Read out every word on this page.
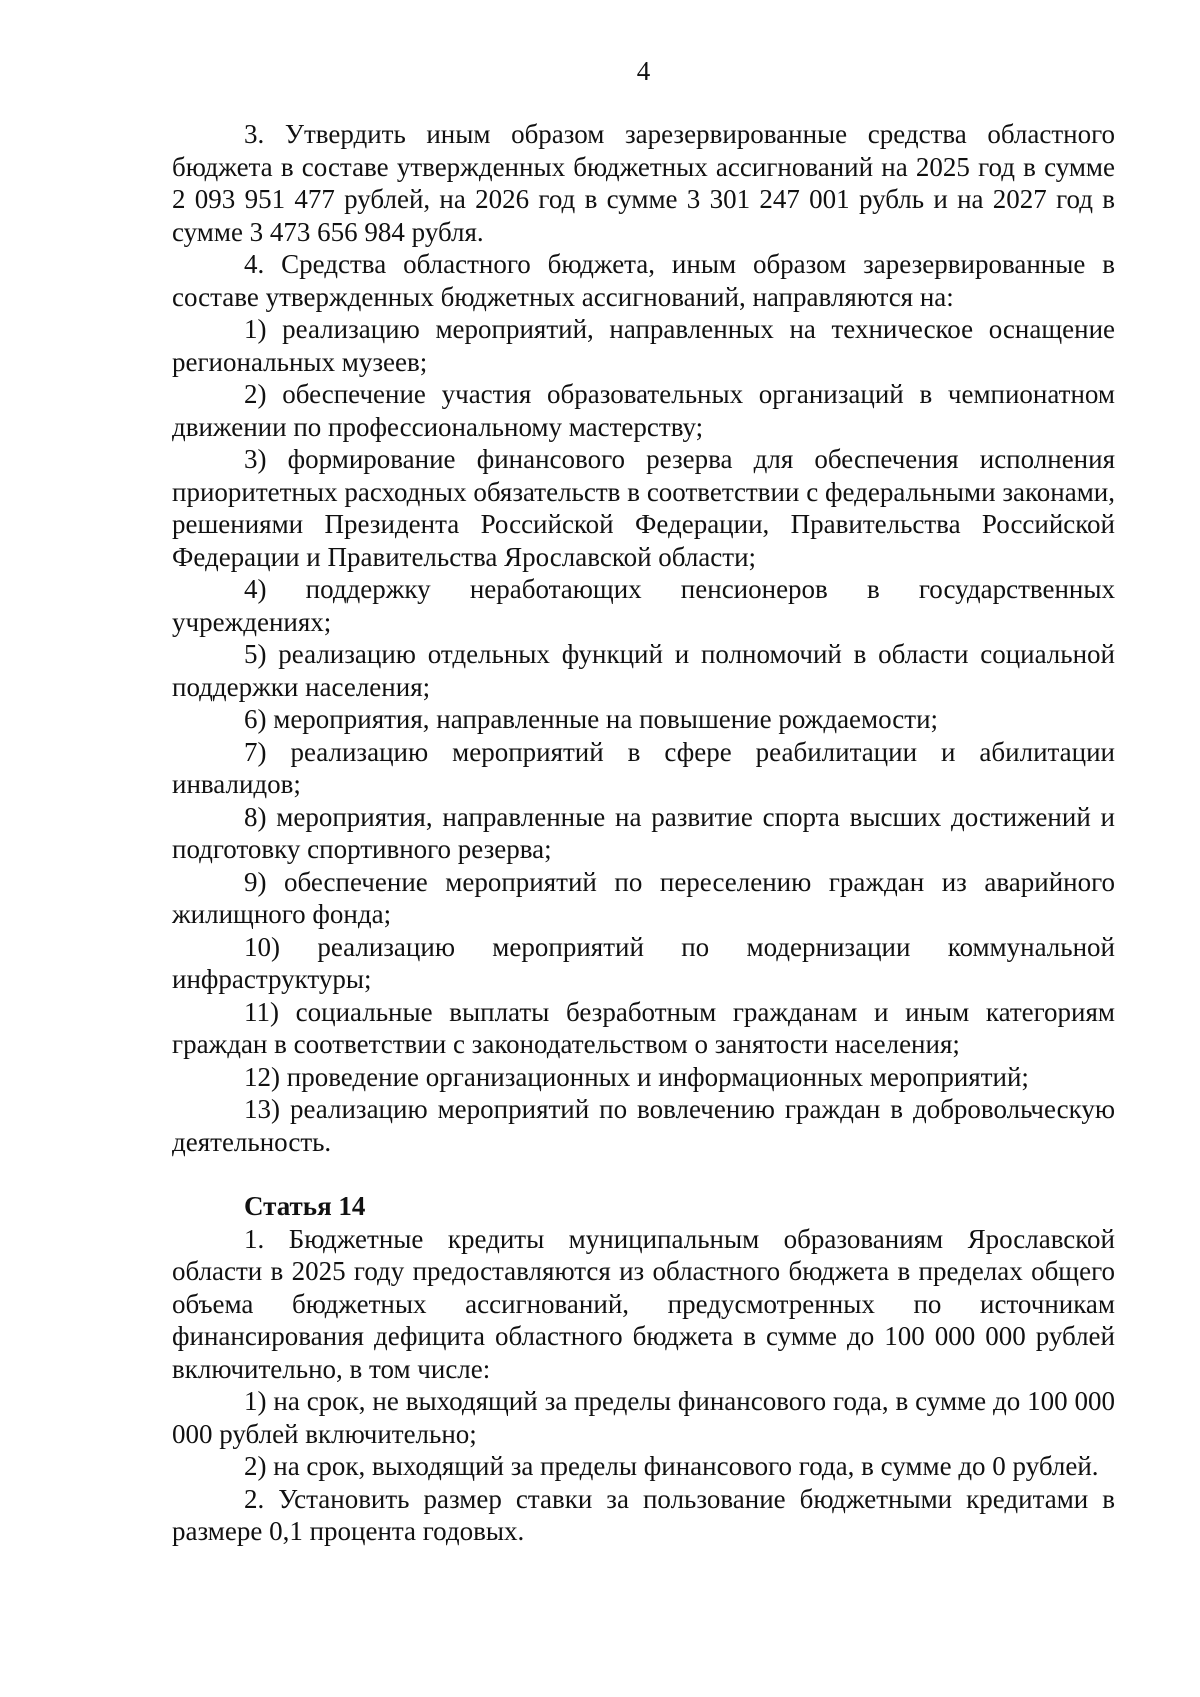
4

3. Утвердить иным образом зарезервированные средства областного бюджета в составе утвержденных бюджетных ассигнований на 2025 год в сумме 2 093 951 477 рублей, на 2026 год в сумме 3 301 247 001 рубль и на 2027 год в сумме 3 473 656 984 рубля.

4. Средства областного бюджета, иным образом зарезервированные в составе утвержденных бюджетных ассигнований, направляются на:

1) реализацию мероприятий, направленных на техническое оснащение региональных музеев;

2) обеспечение участия образовательных организаций в чемпионатном движении по профессиональному мастерству;

3) формирование финансового резерва для обеспечения исполнения приоритетных расходных обязательств в соответствии с федеральными законами, решениями Президента Российской Федерации, Правительства Российской Федерации и Правительства Ярославской области;

4) поддержку неработающих пенсионеров в государственных учреждениях;

5) реализацию отдельных функций и полномочий в области социальной поддержки населения;

6) мероприятия, направленные на повышение рождаемости;

7) реализацию мероприятий в сфере реабилитации и абилитации инвалидов;

8) мероприятия, направленные на развитие спорта высших достижений и подготовку спортивного резерва;

9) обеспечение мероприятий по переселению граждан из аварийного жилищного фонда;

10) реализацию мероприятий по модернизации коммунальной инфраструктуры;

11) социальные выплаты безработным гражданам и иным категориям граждан в соответствии с законодательством о занятости населения;

12) проведение организационных и информационных мероприятий;

13) реализацию мероприятий по вовлечению граждан в добровольческую деятельность.

Статья 14

1. Бюджетные кредиты муниципальным образованиям Ярославской области в 2025 году предоставляются из областного бюджета в пределах общего объема бюджетных ассигнований, предусмотренных по источникам финансирования дефицита областного бюджета в сумме до 100 000 000 рублей включительно, в том числе:

1) на срок, не выходящий за пределы финансового года, в сумме до 100 000 000 рублей включительно;

2) на срок, выходящий за пределы финансового года, в сумме до 0 рублей.

2. Установить размер ставки за пользование бюджетными кредитами в размере 0,1 процента годовых.
